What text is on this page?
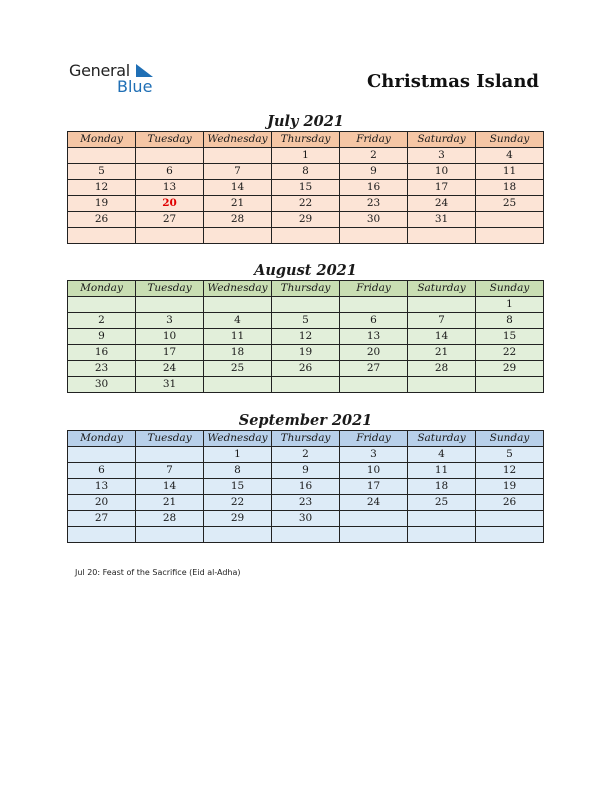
General
Blue	Christmas Island
July 2021
Monday	Tuesday	Wednesday	Thursday	Friday	Saturday	Sunday
			1	2	3	4
5	6	7	8	9	10	11
12	13	14	15	16	17	18
19	20	21	22	23	24	25
26	27	28	29	30	31	

August 2021
Monday	Tuesday	Wednesday	Thursday	Friday	Saturday	Sunday
						1
2	3	4	5	6	7	8
9	10	11	12	13	14	15
16	17	18	19	20	21	22
23	24	25	26	27	28	29
30	31					
September 2021
Monday	Tuesday	Wednesday	Thursday	Friday	Saturday	Sunday
		1	2	3	4	5
6	7	8	9	10	11	12
13	14	15	16	17	18	19
20	21	22	23	24	25	26
27	28	29	30			

Jul 20: Feast of the Sacrifice (Eid al-Adha)
